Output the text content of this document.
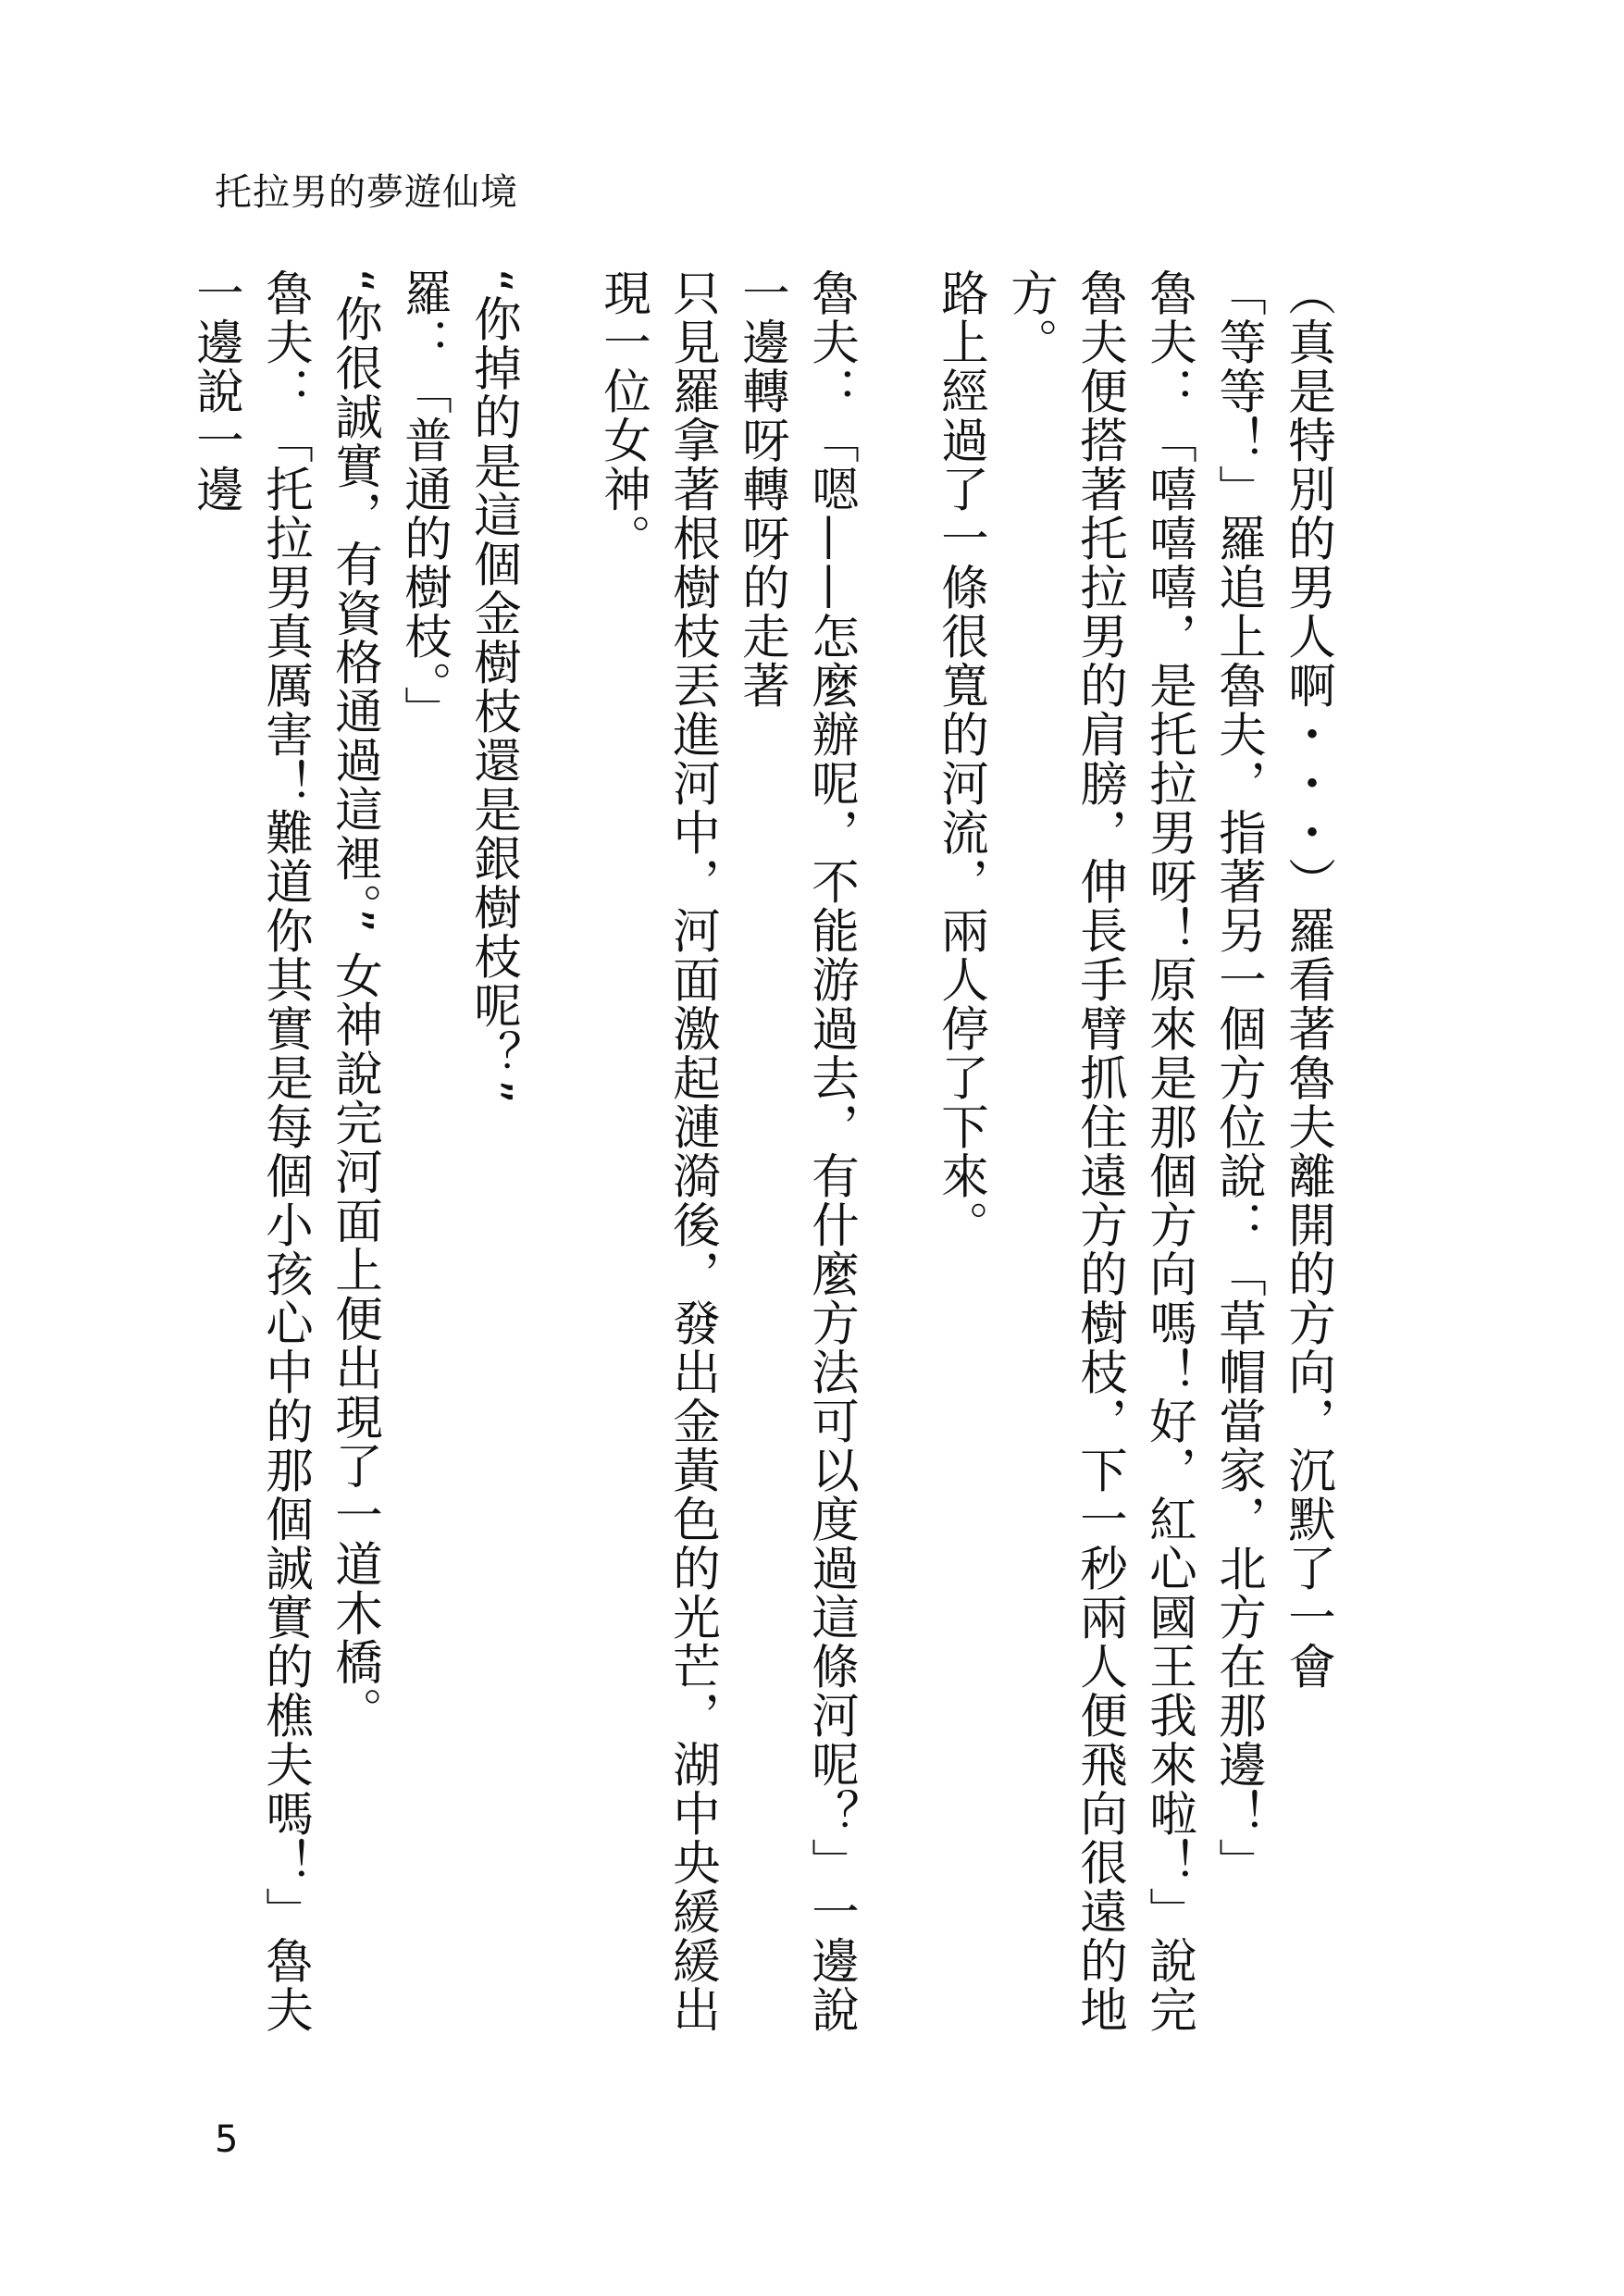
托拉男的夢遊仙境

（真是特別的男人啊・・・）羅看著魯夫離開的方向，沉默了一會

「等等！」羅追上魯夫，指著另一個方位說：「草帽當家，北方在那邊！」

魯夫：「嘻嘻嘻，是托拉男呀！原來是那個方向嗎！好，紅心國王我來啦！」說完魯夫便搭著托拉男的肩膀，伸長手臂抓住遠方的樹枝，下一秒兩人便飛向很遠的地方。

路上經過了一條很寬的河流，兩人停了下來。

魯夫：「嗯——怎麼辦呢，不能游過去，有什麼方法可以度過這條河呢？」一邊說一邊轉呀轉呀的走著

只見羅拿著根樹枝丟進河中，河面激起漣漪後，發出金黃色的光芒，湖中央緩緩出現一位女神。

“你掉的是這個金樹枝還是銀樹枝呢？”

羅：「普通的樹枝。」

“你很誠實，有資格通過這裡。” 女神說完河面上便出現了一道木橋。

魯夫：「托拉男真厲害！難道你其實是每個小孩心中的那個誠實的樵夫嗎！」魯夫一邊說一邊

5
